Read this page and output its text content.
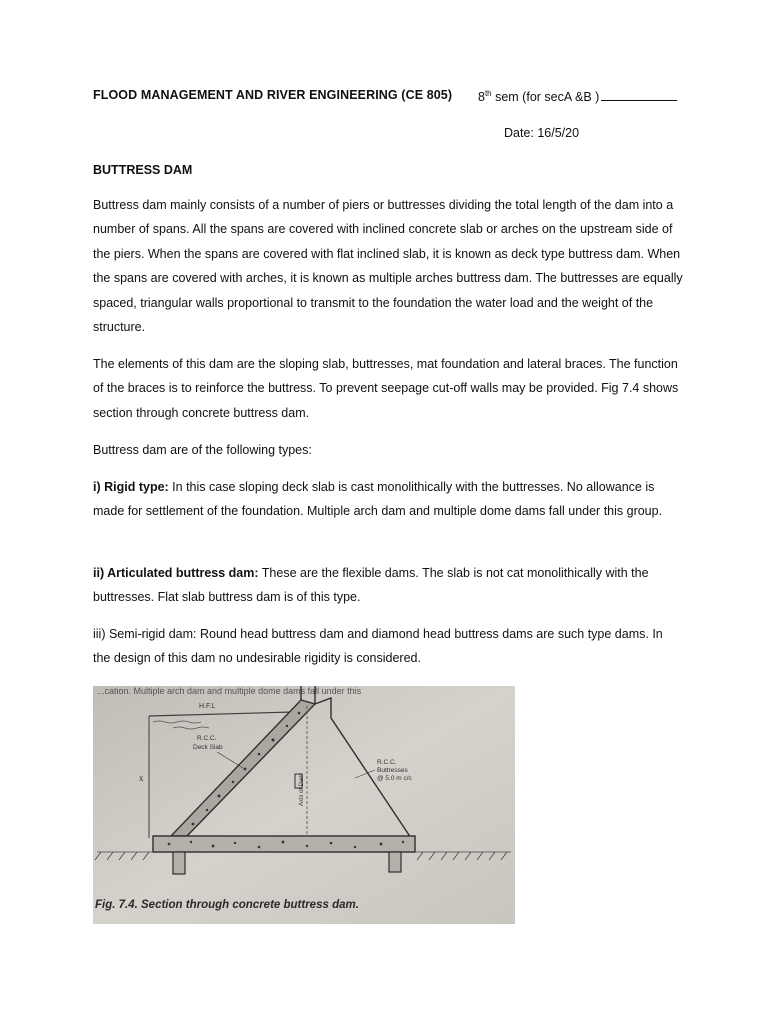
FLOOD MANAGEMENT AND RIVER ENGINEERING (CE 805) 8th sem (for secA &B )
Date: 16/5/20
BUTTRESS DAM

Buttress dam mainly consists of a number of piers or buttresses dividing the total length of the dam into a number of spans. All the spans are covered with inclined concrete slab or arches on the upstream side of the piers. When the spans are covered with flat inclined slab, it is known as deck type buttress dam. When the spans are covered with arches, it is known as multiple arches buttress dam. The buttresses are equally spaced, triangular walls proportional to transmit to the foundation the water load and the weight of the structure.

The elements of this dam are the sloping slab, buttresses, mat foundation and lateral braces. The function of the braces is to reinforce the buttress. To prevent seepage cut-off walls may be provided. Fig 7.4 shows section through concrete buttress dam.

Buttress dam are of the following types:

i) Rigid type: In this case sloping deck slab is cast monolithically with the buttresses. No allowance is made for settlement of the foundation. Multiple arch dam and multiple dome dams fall under this group.

ii) Articulated buttress dam: These are the flexible dams. The slab is not cat monolithically with the buttresses. Flat slab buttress dam is of this type.

iii) Semi-rigid dam: Round head buttress dam and diamond head buttress dams are such type dams. In the design of this dam no undesirable rigidity is considered.

...cation. Multiple arch dam and multiple dome dams fall under this
H.F.L
x	Axis of Dam
R.C.C.
Deck Slab
R.C.C.
Buttresses
@ 5.0 m c/c
Fig. 7.4. Section through concrete buttress dam.
